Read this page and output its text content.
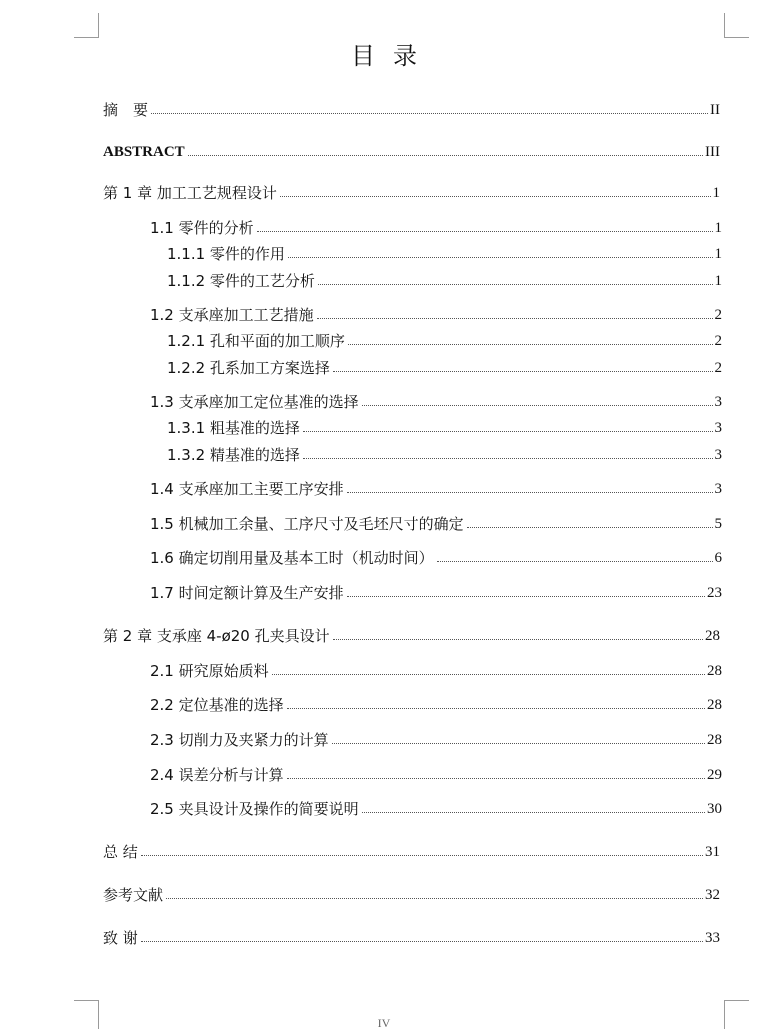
目录
摘　要	II
ABSTRACT	III
第 1 章 加工工艺规程设计	1
1.1 零件的分析	1
1.1.1 零件的作用	1
1.1.2 零件的工艺分析	1
1.2 支承座加工工艺措施	2
1.2.1 孔和平面的加工顺序	2
1.2.2 孔系加工方案选择	2
1.3 支承座加工定位基准的选择	3
1.3.1 粗基准的选择	3
1.3.2 精基准的选择	3
1.4 支承座加工主要工序安排	3
1.5 机械加工余量、工序尺寸及毛坯尺寸的确定	5
1.6 确定切削用量及基本工时（机动时间）	6
1.7 时间定额计算及生产安排	23
第 2 章 支承座 4-ø20 孔夹具设计	28
2.1 研究原始质料	28
2.2 定位基准的选择	28
2.3 切削力及夹紧力的计算	28
2.4 误差分析与计算	29
2.5 夹具设计及操作的简要说明	30
总 结	31
参考文献	32
致 谢	33
IV
